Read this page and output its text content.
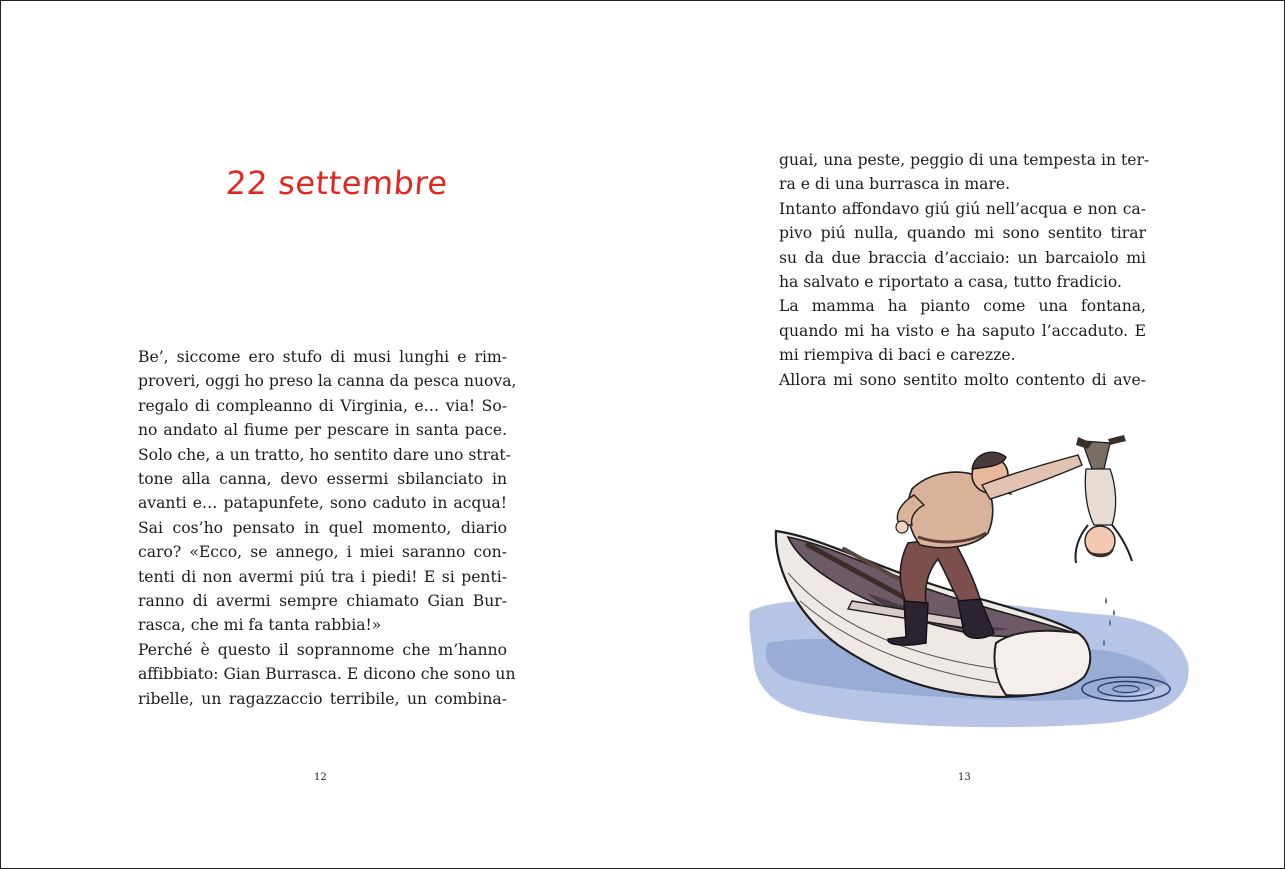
22 settembre
Be’, siccome ero stufo di musi lunghi e rim-
proveri, oggi ho preso la canna da pesca nuova,
regalo di compleanno di Virginia, e… via! So-
no andato al fiume per pescare in santa pace.
Solo che, a un tratto, ho sentito dare uno strat-
tone alla canna, devo essermi sbilanciato in
avanti e… patapunfete, sono caduto in acqua!
Sai cos’ho pensato in quel momento, diario
caro? «Ecco, se annego, i miei saranno con-
tenti di non avermi piú tra i piedi! E si penti-
ranno di avermi sempre chiamato Gian Bur-
rasca, che mi fa tanta rabbia!»
Perché è questo il soprannome che m’hanno
affibbiato: Gian Burrasca. E dicono che sono un
ribelle, un ragazzaccio terribile, un combina-
12
guai, una peste, peggio di una tempesta in ter-
ra e di una burrasca in mare.
Intanto affondavo giú giú nell’acqua e non ca-
pivo piú nulla, quando mi sono sentito tirar
su da due braccia d’acciaio: un barcaiolo mi
ha salvato e riportato a casa, tutto fradicio.
La mamma ha pianto come una fontana,
quando mi ha visto e ha saputo l’accaduto. E
mi riempiva di baci e carezze.
Allora mi sono sentito molto contento di ave-
13
